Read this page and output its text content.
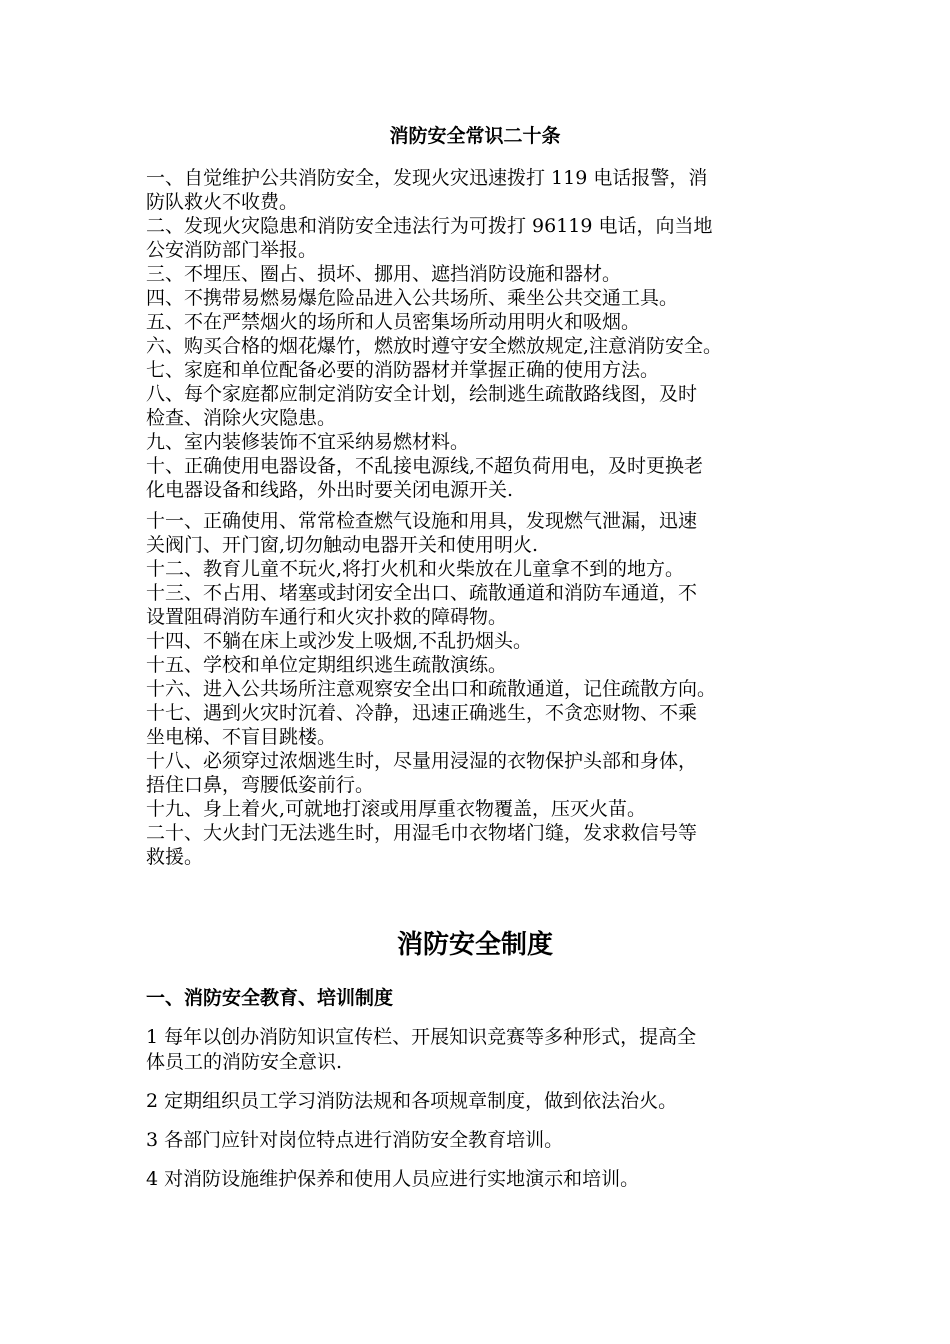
消防安全常识二十条
一、自觉维护公共消防安全，发现火灾迅速拨打 119 电话报警，消
防队救火不收费。
二、发现火灾隐患和消防安全违法行为可拨打 96119 电话，向当地
公安消防部门举报。
三、不埋压、圈占、损坏、挪用、遮挡消防设施和器材。
四、不携带易燃易爆危险品进入公共场所、乘坐公共交通工具。
五、不在严禁烟火的场所和人员密集场所动用明火和吸烟。
六、购买合格的烟花爆竹，燃放时遵守安全燃放规定,注意消防安全。
七、家庭和单位配备必要的消防器材并掌握正确的使用方法。
八、每个家庭都应制定消防安全计划，绘制逃生疏散路线图，及时
检查、消除火灾隐患。
九、室内装修装饰不宜采纳易燃材料。
十、正确使用电器设备，不乱接电源线,不超负荷用电，及时更换老
化电器设备和线路，外出时要关闭电源开关.
十一、正确使用、常常检查燃气设施和用具，发现燃气泄漏，迅速
关阀门、开门窗,切勿触动电器开关和使用明火.
十二、教育儿童不玩火,将打火机和火柴放在儿童拿不到的地方。
十三、不占用、堵塞或封闭安全出口、疏散通道和消防车通道，不
设置阻碍消防车通行和火灾扑救的障碍物。
十四、不躺在床上或沙发上吸烟,不乱扔烟头。
十五、学校和单位定期组织逃生疏散演练。
十六、进入公共场所注意观察安全出口和疏散通道，记住疏散方向。
十七、遇到火灾时沉着、冷静，迅速正确逃生，不贪恋财物、不乘
坐电梯、不盲目跳楼。
十八、必须穿过浓烟逃生时，尽量用浸湿的衣物保护头部和身体，
捂住口鼻，弯腰低姿前行。
十九、身上着火,可就地打滚或用厚重衣物覆盖，压灭火苗。
二十、大火封门无法逃生时，用湿毛巾衣物堵门缝，发求救信号等
救援。
消防安全制度
一、消防安全教育、培训制度

1 每年以创办消防知识宣传栏、开展知识竞赛等多种形式，提高全
体员工的消防安全意识.

2 定期组织员工学习消防法规和各项规章制度，做到依法治火。

3 各部门应针对岗位特点进行消防安全教育培训。

4 对消防设施维护保养和使用人员应进行实地演示和培训。
